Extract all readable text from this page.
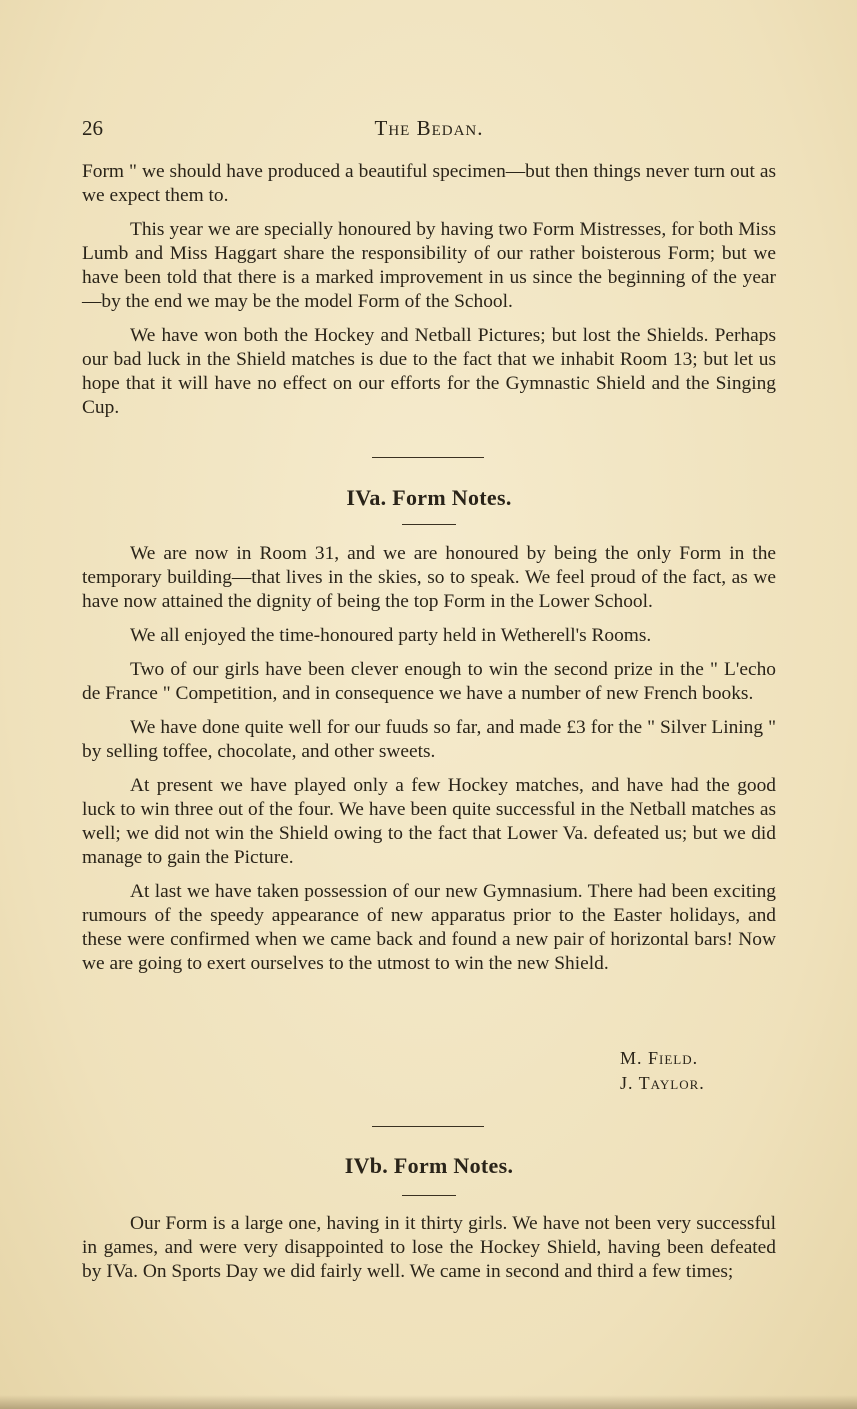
26	The Bedan.

Form " we should have produced a beautiful specimen—but then things never turn out as we expect them to.

This year we are specially honoured by having two Form Mistresses, for both Miss Lumb and Miss Haggart share the responsibility of our rather boisterous Form; but we have been told that there is a marked improvement in us since the beginning of the year—by the end we may be the model Form of the School.

We have won both the Hockey and Netball Pictures; but lost the Shields. Perhaps our bad luck in the Shield matches is due to the fact that we inhabit Room 13; but let us hope that it will have no effect on our efforts for the Gymnastic Shield and the Singing Cup.

IVa. Form Notes.

We are now in Room 31, and we are honoured by being the only Form in the temporary building—that lives in the skies, so to speak. We feel proud of the fact, as we have now attained the dignity of being the top Form in the Lower School.

We all enjoyed the time-honoured party held in Wetherell's Rooms.

Two of our girls have been clever enough to win the second prize in the " L'echo de France " Competition, and in consequence we have a number of new French books.

We have done quite well for our fuuds so far, and made £3 for the " Silver Lining " by selling toffee, chocolate, and other sweets.

At present we have played only a few Hockey matches, and have had the good luck to win three out of the four. We have been quite successful in the Netball matches as well; we did not win the Shield owing to the fact that Lower Va. defeated us; but we did manage to gain the Picture.

At last we have taken possession of our new Gymnasium. There had been exciting rumours of the speedy appearance of new apparatus prior to the Easter holidays, and these were confirmed when we came back and found a new pair of horizontal bars! Now we are going to exert ourselves to the utmost to win the new Shield.

M. Field.
J. Taylor.
IVb. Form Notes.

Our Form is a large one, having in it thirty girls. We have not been very successful in games, and were very disappointed to lose the Hockey Shield, having been defeated by IVa. On Sports Day we did fairly well. We came in second and third a few times;
